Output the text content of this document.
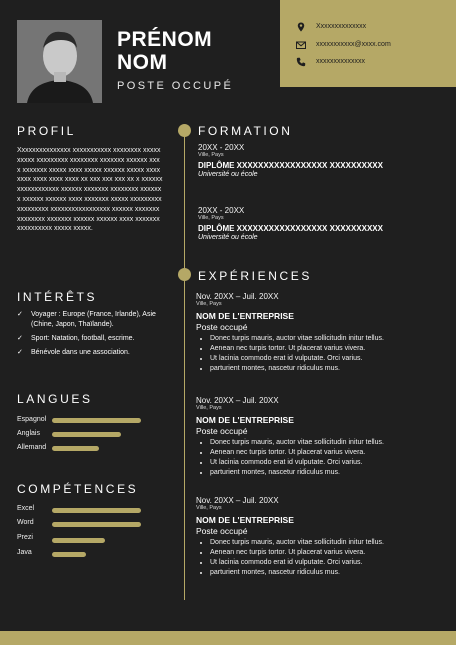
PRÉNOM
NOM
POSTE OCCUPÉ
Xxxxxxxxxxxxxx
xxxxxxxxxxx@xxxx.com
xxxxxxxxxxxxxx
PROFIL
Xxxxxxxxxxxxxxx xxxxxxxxxxx xxxxxxxx xxxxxxxxxx xxxxxxxxx xxxxxxxx xxxxxxx xxxxxx xxxx xxxxxxx xxxxx xxxx xxxxx xxxxxx xxxxx xxxx xxxx xxxx xxxx xxxx xx xxx xxx xxx xx x xxxxxxxxxxxxxxxxxx xxxxxx xxxxxxx xxxxxxxx xxxxxxx xxxxxx xxxxxx xxxx xxxxxxx xxxxx xxxxxxxxxxxxxxxxxx xxxxxxxxxxxxxxxxx xxxxxx xxxxxxx xxxxxxxx xxxxxxx xxxxxx xxxxxx xxxx xxxxxxxxxxxxxxxxx xxxxx xxxxx.
INTÉRÊTS
✓ Voyager : Europe (France, Irlande), Asie (Chine, Japon, Thaïlande).
✓ Sport: Natation, football, escrime.
✓ Bénévole dans une association.
LANGUES
Espagnol
Anglais
Allemand
COMPÉTENCES
Excel
Word
Prezi
Java
FORMATION
20XX - 20XX
Ville, Pays
DIPLÔME XXXXXXXXXXXXXXXXX XXXXXXXXXX
Université ou école
20XX - 20XX
Ville, Pays
DIPLÔME XXXXXXXXXXXXXXXXX XXXXXXXXXX
Université ou école
EXPÉRIENCES
Nov. 20XX – Juil. 20XX
Ville, Pays
NOM DE L'ENTREPRISE
Poste occupé
• Donec turpis mauris, auctor vitae sollicitudin initur tellus.
• Aenean nec turpis tortor. Ut placerat varius vivera.
• Ut lacinia commodo erat id vulputate. Orci varius.
• parturient montes, nascetur ridiculus mus.
Nov. 20XX – Juil. 20XX
Ville, Pays
NOM DE L'ENTREPRISE
Poste occupé
• Donec turpis mauris, auctor vitae sollicitudin initur tellus.
• Aenean nec turpis tortor. Ut placerat varius vivera.
• Ut lacinia commodo erat id vulputate. Orci varius.
• parturient montes, nascetur ridiculus mus.
Nov. 20XX – Juil. 20XX
Ville, Pays
NOM DE L'ENTREPRISE
Poste occupé
• Donec turpis mauris, auctor vitae sollicitudin initur tellus.
• Aenean nec turpis tortor. Ut placerat varius vivera.
• Ut lacinia commodo erat id vulputate. Orci varius.
• parturient montes, nascetur ridiculus mus.
